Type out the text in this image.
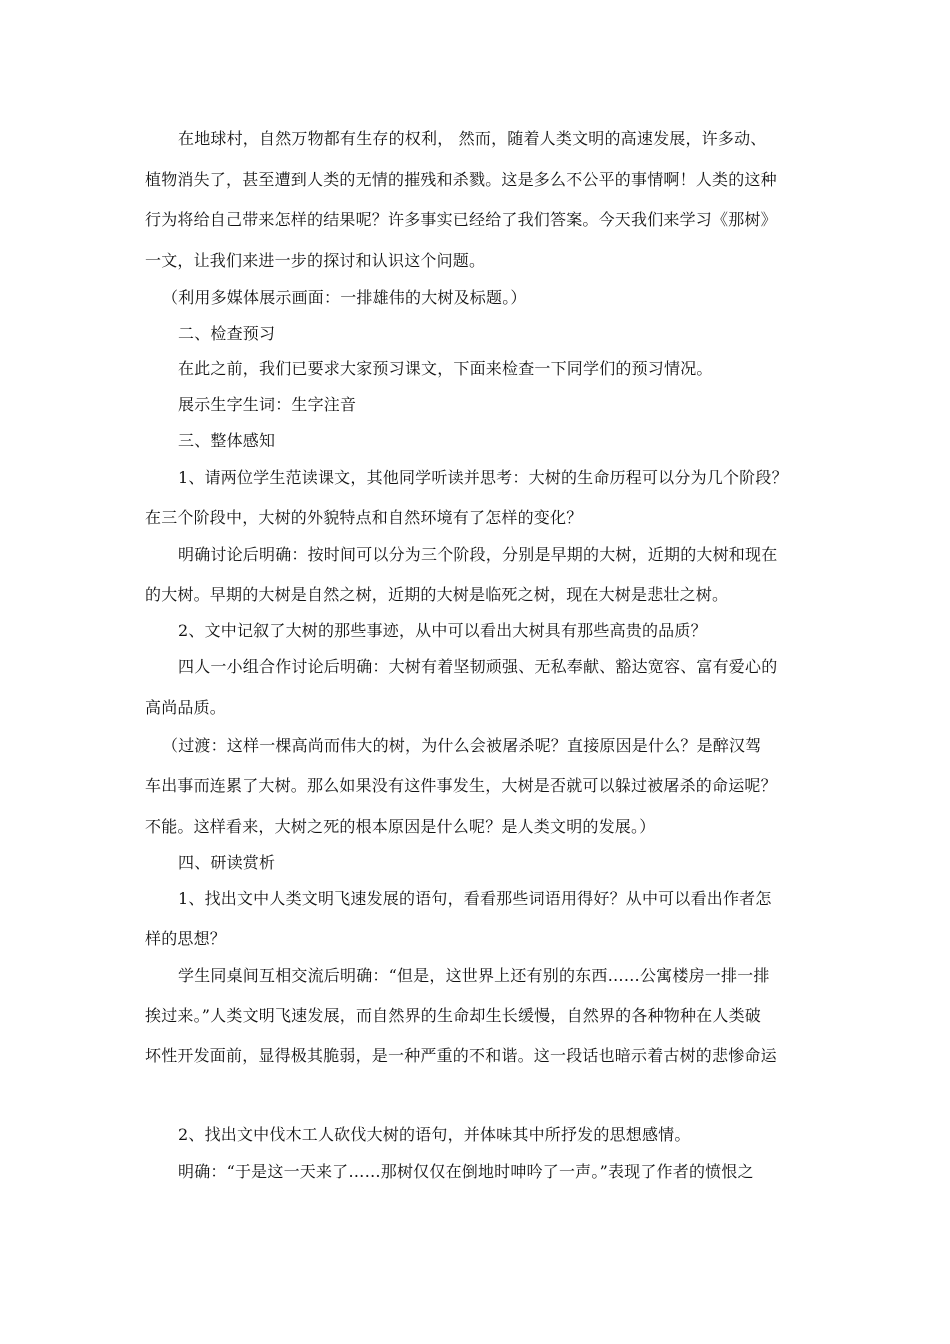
在地球村，自然万物都有生存的权利， 然而，随着人类文明的高速发展，许多动、
植物消失了，甚至遭到人类的无情的摧残和杀戮。这是多么不公平的事情啊！人类的这种
行为将给自己带来怎样的结果呢？许多事实已经给了我们答案。今天我们来学习《那树》
一文，让我们来进一步的探讨和认识这个问题。
（利用多媒体展示画面：一排雄伟的大树及标题。）
二、检查预习
在此之前，我们已要求大家预习课文，下面来检查一下同学们的预习情况。
展示生字生词：生字注音
三、整体感知
1、请两位学生范读课文，其他同学听读并思考：大树的生命历程可以分为几个阶段？
在三个阶段中，大树的外貌特点和自然环境有了怎样的变化？
明确讨论后明确：按时间可以分为三个阶段，分别是早期的大树，近期的大树和现在
的大树。早期的大树是自然之树，近期的大树是临死之树，现在大树是悲壮之树。
2、文中记叙了大树的那些事迹，从中可以看出大树具有那些高贵的品质？
四人一小组合作讨论后明确：大树有着坚韧顽强、无私奉献、豁达宽容、富有爱心的
高尚品质。
（过渡：这样一棵高尚而伟大的树，为什么会被屠杀呢？直接原因是什么？是醉汉驾
车出事而连累了大树。那么如果没有这件事发生，大树是否就可以躲过被屠杀的命运呢？
不能。这样看来，大树之死的根本原因是什么呢？是人类文明的发展。）
四、研读赏析
1、找出文中人类文明飞速发展的语句，看看那些词语用得好？从中可以看出作者怎
样的思想？
学生同桌间互相交流后明确：“但是，这世界上还有别的东西……公寓楼房一排一排
挨过来。”人类文明飞速发展，而自然界的生命却生长缓慢，自然界的各种物种在人类破
坏性开发面前，显得极其脆弱，是一种严重的不和谐。这一段话也暗示着古树的悲惨命运
2、找出文中伐木工人砍伐大树的语句，并体味其中所抒发的思想感情。
明确：“于是这一天来了……那树仅仅在倒地时呻吟了一声。”表现了作者的愤恨之
